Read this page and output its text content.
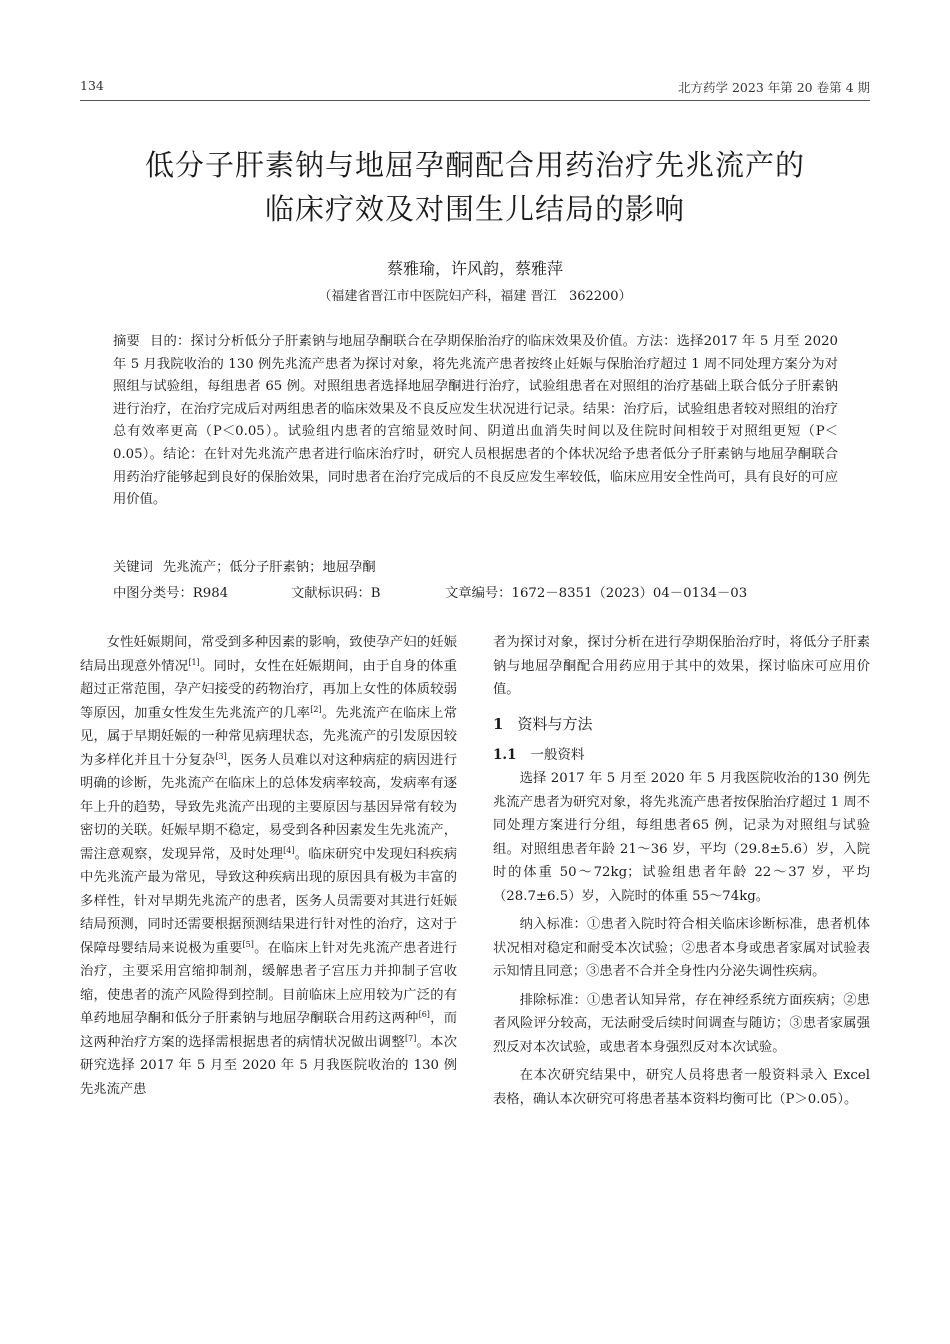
134	北方药学 2023 年第 20 卷第 4 期
低分子肝素钠与地屈孕酮配合用药治疗先兆流产的
临床疗效及对围生儿结局的影响
蔡雅瑜，许风韵，蔡雅萍
（福建省晋江市中医院妇产科，福建 晋江   362200）
摘要 目的：探讨分析低分子肝素钠与地屈孕酮联合在孕期保胎治疗的临床效果及价值。方法：选择2017 年 5 月至 2020 年 5 月我院收治的 130 例先兆流产患者为探讨对象，将先兆流产患者按终止妊娠与保胎治疗超过 1 周不同处理方案分为对照组与试验组，每组患者 65 例。对照组患者选择地屈孕酮进行治疗，试验组患者在对照组的治疗基础上联合低分子肝素钠进行治疗，在治疗完成后对两组患者的临床效果及不良反应发生状况进行记录。结果：治疗后，试验组患者较对照组的治疗总有效率更高（P＜0.05）。试验组内患者的宫缩显效时间、阴道出血消失时间以及住院时间相较于对照组更短（P＜0.05）。结论：在针对先兆流产患者进行临床治疗时，研究人员根据患者的个体状况给予患者低分子肝素钠与地屈孕酮联合用药治疗能够起到良好的保胎效果，同时患者在治疗完成后的不良反应发生率较低，临床应用安全性尚可，具有良好的可应用价值。
关键词 先兆流产；低分子肝素钠；地屈孕酮
中图分类号：R984	文献标识码：B	文章编号：1672－8351（2023）04－0134－03

女性妊娠期间，常受到多种因素的影响，致使孕产妇的妊娠结局出现意外情况[1]。同时，女性在妊娠期间，由于自身的体重超过正常范围，孕产妇接受的药物治疗，再加上女性的体质较弱等原因，加重女性发生先兆流产的几率[2]。先兆流产在临床上常见，属于早期妊娠的一种常见病理状态，先兆流产的引发原因较为多样化并且十分复杂[3]，医务人员难以对这种病症的病因进行明确的诊断，先兆流产在临床上的总体发病率较高，发病率有逐年上升的趋势，导致先兆流产出现的主要原因与基因异常有较为密切的关联。妊娠早期不稳定，易受到各种因素发生先兆流产，需注意观察，发现异常，及时处理[4]。临床研究中发现妇科疾病中先兆流产最为常见，导致这种疾病出现的原因具有极为丰富的多样性，针对早期先兆流产的患者，医务人员需要对其进行妊娠结局预测，同时还需要根据预测结果进行针对性的治疗，这对于保障母婴结局来说极为重要[5]。在临床上针对先兆流产患者进行治疗，主要采用宫缩抑制剂，缓解患者子宫压力并抑制子宫收缩，使患者的流产风险得到控制。目前临床上应用较为广泛的有单药地屈孕酮和低分子肝素钠与地屈孕酮联合用药这两种[6]，而这两种治疗方案的选择需根据患者的病情状况做出调整[7]。本次研究选择 2017 年 5 月至 2020 年 5 月我医院收治的 130 例先兆流产患

者为探讨对象，探讨分析在进行孕期保胎治疗时，将低分子肝素钠与地屈孕酮配合用药应用于其中的效果，探讨临床可应用价值。

1 资料与方法
1.1 一般资料

选择 2017 年 5 月至 2020 年 5 月我医院收治的130 例先兆流产患者为研究对象，将先兆流产患者按保胎治疗超过 1 周不同处理方案进行分组，每组患者65 例，记录为对照组与试验组。对照组患者年龄 21～36 岁，平均（29.8±5.6）岁，入院时的体重 50～72kg；试验组患者年龄 22～37 岁，平均（28.7±6.5）岁，入院时的体重 55～74kg。

纳入标准：①患者入院时符合相关临床诊断标准，患者机体状况相对稳定和耐受本次试验；②患者本身或患者家属对试验表示知情且同意；③患者不合并全身性内分泌失调性疾病。

排除标准：①患者认知异常，存在神经系统方面疾病；②患者风险评分较高，无法耐受后续时间调查与随访；③患者家属强烈反对本次试验，或患者本身强烈反对本次试验。

在本次研究结果中，研究人员将患者一般资料录入 Excel 表格，确认本次研究可将患者基本资料均衡可比（P＞0.05）。
